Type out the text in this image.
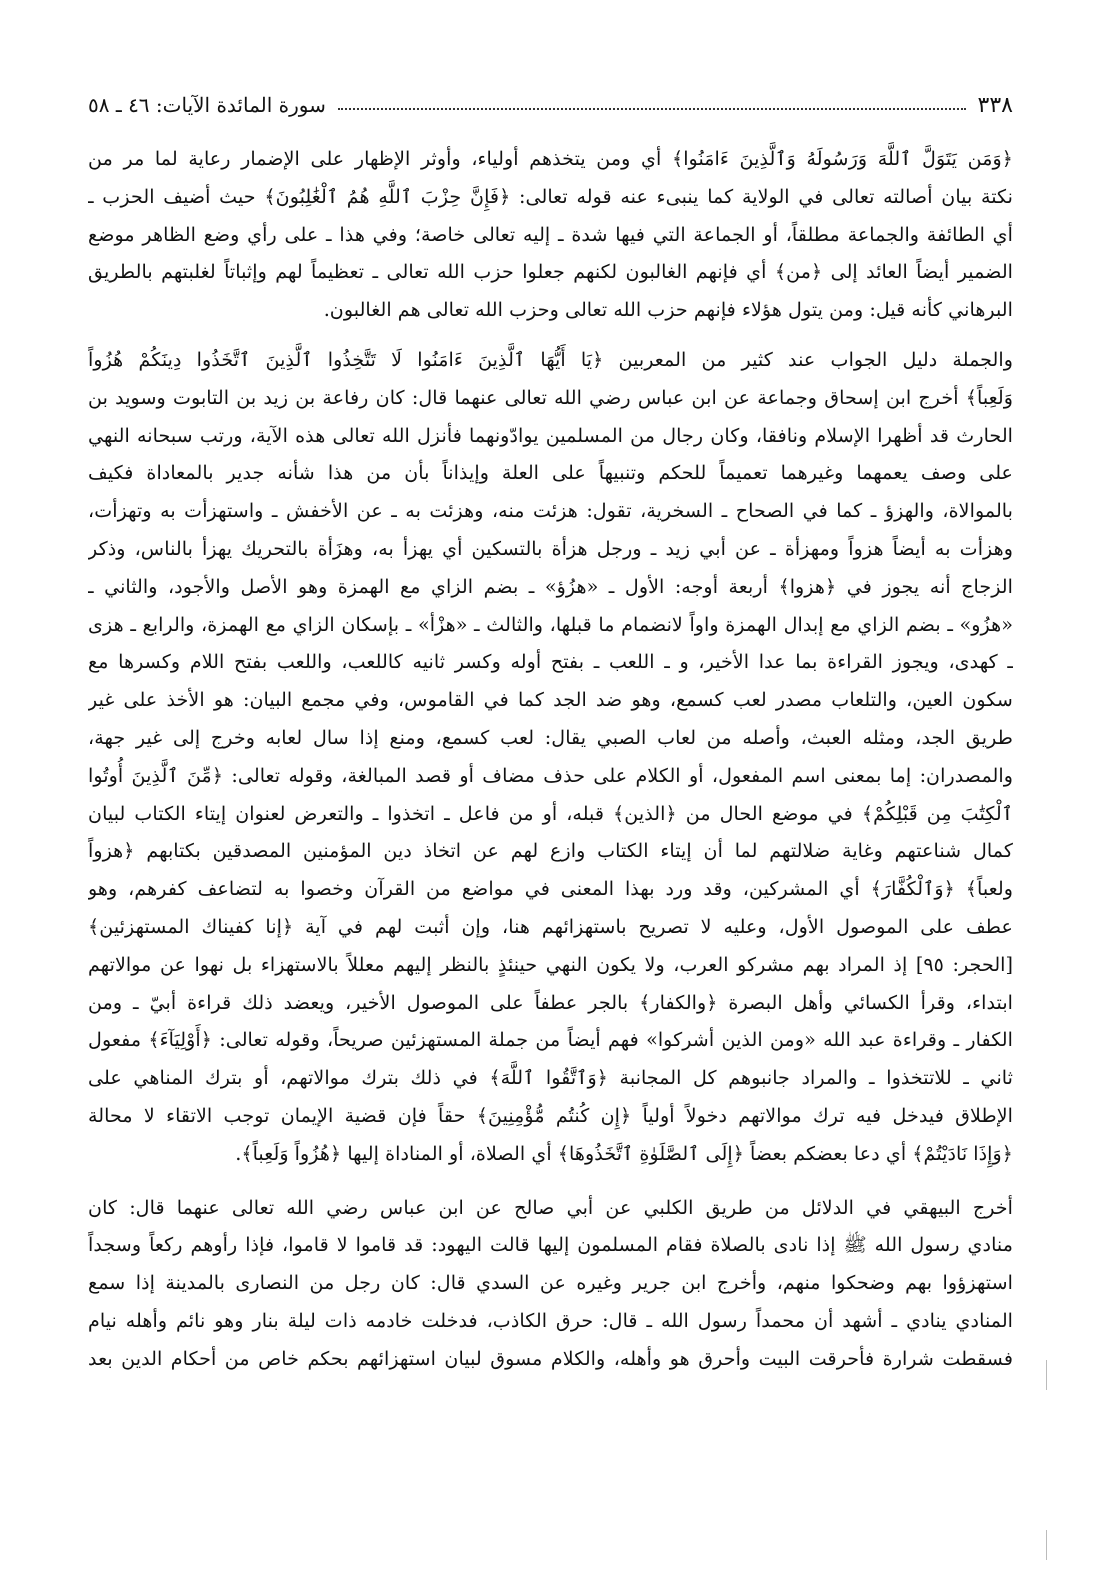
٣٣٨
سورة المائدة الآيات: ٤٦ ـ ٥٨
﴿وَمَن يَتَوَلَّ ٱللَّهَ وَرَسُولَهُ وَٱلَّذِينَ ءَامَنُوا﴾ أي ومن يتخذهم أولياء، وأوثر الإظهار على الإضمار رعاية لما مر من
نكتة بيان أصالته تعالى في الولاية كما ينبىء عنه قوله تعالى: ﴿فَإِنَّ حِزْبَ ٱللَّهِ هُمُ ٱلْغَٰلِبُونَ﴾ حيث أضيف الحزب ـ
أي الطائفة والجماعة مطلقاً، أو الجماعة التي فيها شدة ـ إليه تعالى خاصة؛ وفي هذا ـ على رأي وضع الظاهر موضع
الضمير أيضاً العائد إلى ﴿من﴾ أي فإنهم الغالبون لكنهم جعلوا حزب الله تعالى ـ تعظيماً لهم وإثباتاً لغلبتهم بالطريق
البرهاني كأنه قيل: ومن يتول هؤلاء فإنهم حزب الله تعالى وحزب الله تعالى هم الغالبون.
والجملة دليل الجواب عند كثير من المعربين ﴿يَا أَيُّهَا ٱلَّذِينَ ءَامَنُوا لَا تَتَّخِذُوا ٱلَّذِينَ ٱتَّخَذُوا دِينَكُمْ هُزُواً
وَلَعِباً﴾ أخرج ابن إسحاق وجماعة عن ابن عباس رضي الله تعالى عنهما قال: كان رفاعة بن زيد بن التابوت وسويد بن
الحارث قد أظهرا الإسلام ونافقا، وكان رجال من المسلمين يوادّونهما فأنزل الله تعالى هذه الآية، ورتب سبحانه النهي
على وصف يعمهما وغيرهما تعميماً للحكم وتنبيهاً على العلة وإيذاناً بأن من هذا شأنه جدير بالمعاداة فكيف
بالموالاة، والهزؤ ـ كما في الصحاح ـ السخرية، تقول: هزئت منه، وهزئت به ـ عن الأخفش ـ واستهزأت به وتهزأت،
وهزأت به أيضاً هزواً ومهزأة ـ عن أبي زيد ـ ورجل هزأة بالتسكين أي يهزأ به، وهزَأة بالتحريك يهزأ بالناس، وذكر
الزجاج أنه يجوز في ﴿هزوا﴾ أربعة أوجه: الأول ـ «هزُؤ» ـ بضم الزاي مع الهمزة وهو الأصل والأجود، والثاني ـ
«هزُو» ـ بضم الزاي مع إبدال الهمزة واواً لانضمام ما قبلها، والثالث ـ «هزْأ» ـ بإسكان الزاي مع الهمزة، والرابع ـ هزى
ـ كهدى، ويجوز القراءة بما عدا الأخير، و ـ اللعب ـ بفتح أوله وكسر ثانيه كاللعب، واللعب بفتح اللام وكسرها مع
سكون العين، والتلعاب مصدر لعب كسمع، وهو ضد الجد كما في القاموس، وفي مجمع البيان: هو الأخذ على غير
طريق الجد، ومثله العبث، وأصله من لعاب الصبي يقال: لعب كسمع، ومنع إذا سال لعابه وخرج إلى غير جهة،
والمصدران: إما بمعنى اسم المفعول، أو الكلام على حذف مضاف أو قصد المبالغة، وقوله تعالى: ﴿مِّنَ ٱلَّذِينَ أُوتُوا
ٱلْكِتَٰبَ مِن قَبْلِكُمْ﴾ في موضع الحال من ﴿الذين﴾ قبله، أو من فاعل ـ اتخذوا ـ والتعرض لعنوان إيتاء الكتاب لبيان
كمال شناعتهم وغاية ضلالتهم لما أن إيتاء الكتاب وازع لهم عن اتخاذ دين المؤمنين المصدقين بكتابهم ﴿هزواً
ولعباً﴾ ﴿وَٱلْكُفَّارَ﴾ أي المشركين، وقد ورد بهذا المعنى في مواضع من القرآن وخصوا به لتضاعف كفرهم، وهو
عطف على الموصول الأول، وعليه لا تصريح باستهزائهم هنا، وإن أثبت لهم في آية ﴿إنا كفيناك المستهزئين﴾
[الحجر: ٩٥] إذ المراد بهم مشركو العرب، ولا يكون النهي حينئذٍ بالنظر إليهم معللاً بالاستهزاء بل نهوا عن موالاتهم
ابتداء، وقرأ الكسائي وأهل البصرة ﴿والكفار﴾ بالجر عطفاً على الموصول الأخير، ويعضد ذلك قراءة أبيّ ـ ومن
الكفار ـ وقراءة عبد الله «ومن الذين أشركوا» فهم أيضاً من جملة المستهزئين صريحاً، وقوله تعالى: ﴿أَوْلِيَآءَ﴾ مفعول
ثاني ـ للاتتخذوا ـ والمراد جانبوهم كل المجانبة ﴿وَٱتَّقُوا ٱللَّهَ﴾ في ذلك بترك موالاتهم، أو بترك المناهي على
الإطلاق فيدخل فيه ترك موالاتهم دخولاً أولياً ﴿إِن كُنتُم مُّؤْمِنِينَ﴾ حقاً فإن قضية الإيمان توجب الاتقاء لا محالة
﴿وَإِذَا نَادَيْتُمْ﴾ أي دعا بعضكم بعضاً ﴿إِلَى ٱلصَّلَوٰةِ ٱتَّخَذُوهَا﴾ أي الصلاة، أو المناداة إليها ﴿هُزُواً وَلَعِباً﴾.
أخرج البيهقي في الدلائل من طريق الكلبي عن أبي صالح عن ابن عباس رضي الله تعالى عنهما قال: كان
منادي رسول الله ﷺ إذا نادى بالصلاة فقام المسلمون إليها قالت اليهود: قد قاموا لا قاموا، فإذا رأوهم ركعاً وسجداً
استهزؤوا بهم وضحكوا منهم، وأخرج ابن جرير وغيره عن السدي قال: كان رجل من النصارى بالمدينة إذا سمع
المنادي ينادي ـ أشهد أن محمداً رسول الله ـ قال: حرق الكاذب، فدخلت خادمه ذات ليلة بنار وهو نائم وأهله نيام
فسقطت شرارة فأحرقت البيت وأحرق هو وأهله، والكلام مسوق لبيان استهزائهم بحكم خاص من أحكام الدين بعد
